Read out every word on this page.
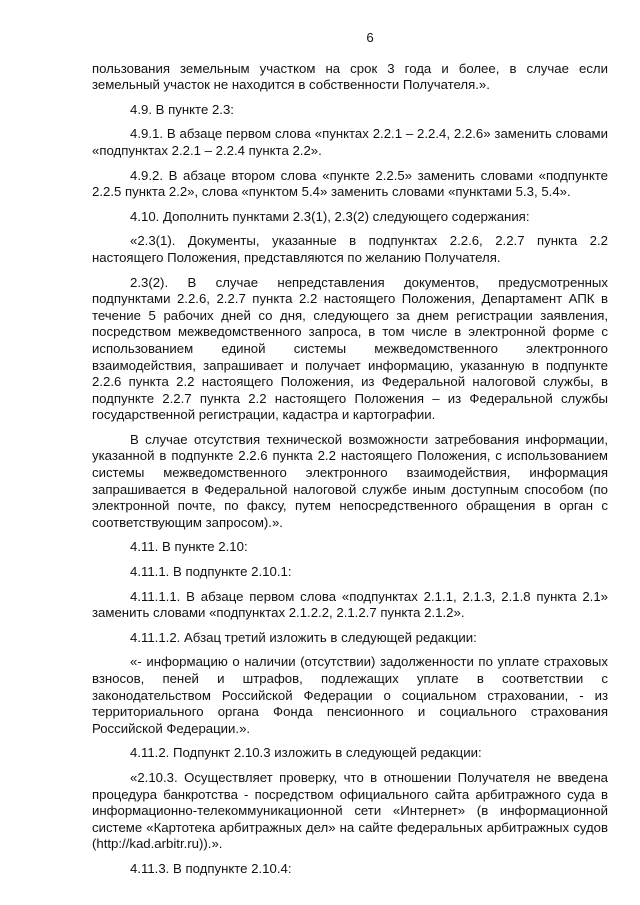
6

пользования земельным участком на срок 3 года и более, в случае если земельный участок не находится в собственности Получателя.».

4.9. В пункте 2.3:

4.9.1. В абзаце первом слова «пунктах 2.2.1 – 2.2.4, 2.2.6» заменить словами «подпунктах 2.2.1 – 2.2.4 пункта 2.2».

4.9.2. В абзаце втором слова «пункте 2.2.5» заменить словами «подпункте 2.2.5 пункта 2.2», слова «пунктом 5.4» заменить словами «пунктами 5.3, 5.4».

4.10. Дополнить пунктами 2.3(1), 2.3(2) следующего содержания:

«2.3(1). Документы, указанные в подпунктах 2.2.6, 2.2.7 пункта 2.2 настоящего Положения, представляются по желанию Получателя.

2.3(2). В случае непредставления документов, предусмотренных подпунктами 2.2.6, 2.2.7 пункта 2.2 настоящего Положения, Департамент АПК в течение 5 рабочих дней со дня, следующего за днем регистрации заявления, посредством межведомственного запроса, в том числе в электронной форме с использованием единой системы межведомственного электронного взаимодействия, запрашивает и получает информацию, указанную в подпункте 2.2.6 пункта 2.2 настоящего Положения, из Федеральной налоговой службы, в подпункте 2.2.7 пункта 2.2 настоящего Положения – из Федеральной службы государственной регистрации, кадастра и картографии.

В случае отсутствия технической возможности затребования информации, указанной в подпункте 2.2.6 пункта 2.2 настоящего Положения, с использованием системы межведомственного электронного взаимодействия, информация запрашивается в Федеральной налоговой службе иным доступным способом (по электронной почте, по факсу, путем непосредственного обращения в орган с соответствующим запросом).».

4.11. В пункте 2.10:

4.11.1. В подпункте 2.10.1:

4.11.1.1. В абзаце первом слова «подпунктах 2.1.1, 2.1.3, 2.1.8 пункта 2.1» заменить словами «подпунктах 2.1.2.2, 2.1.2.7 пункта 2.1.2».

4.11.1.2. Абзац третий изложить в следующей редакции:

«- информацию о наличии (отсутствии) задолженности по уплате страховых взносов, пеней и штрафов, подлежащих уплате в соответствии с законодательством Российской Федерации о социальном страховании, - из территориального органа Фонда пенсионного и социального страхования Российской Федерации.».

4.11.2. Подпункт 2.10.3 изложить в следующей редакции:

«2.10.3. Осуществляет проверку, что в отношении Получателя не введена процедура банкротства - посредством официального сайта арбитражного суда в информационно-телекоммуникационной сети «Интернет» (в информационной системе «Картотека арбитражных дел» на сайте федеральных арбитражных судов (http://kad.arbitr.ru)).».

4.11.3. В подпункте 2.10.4:
